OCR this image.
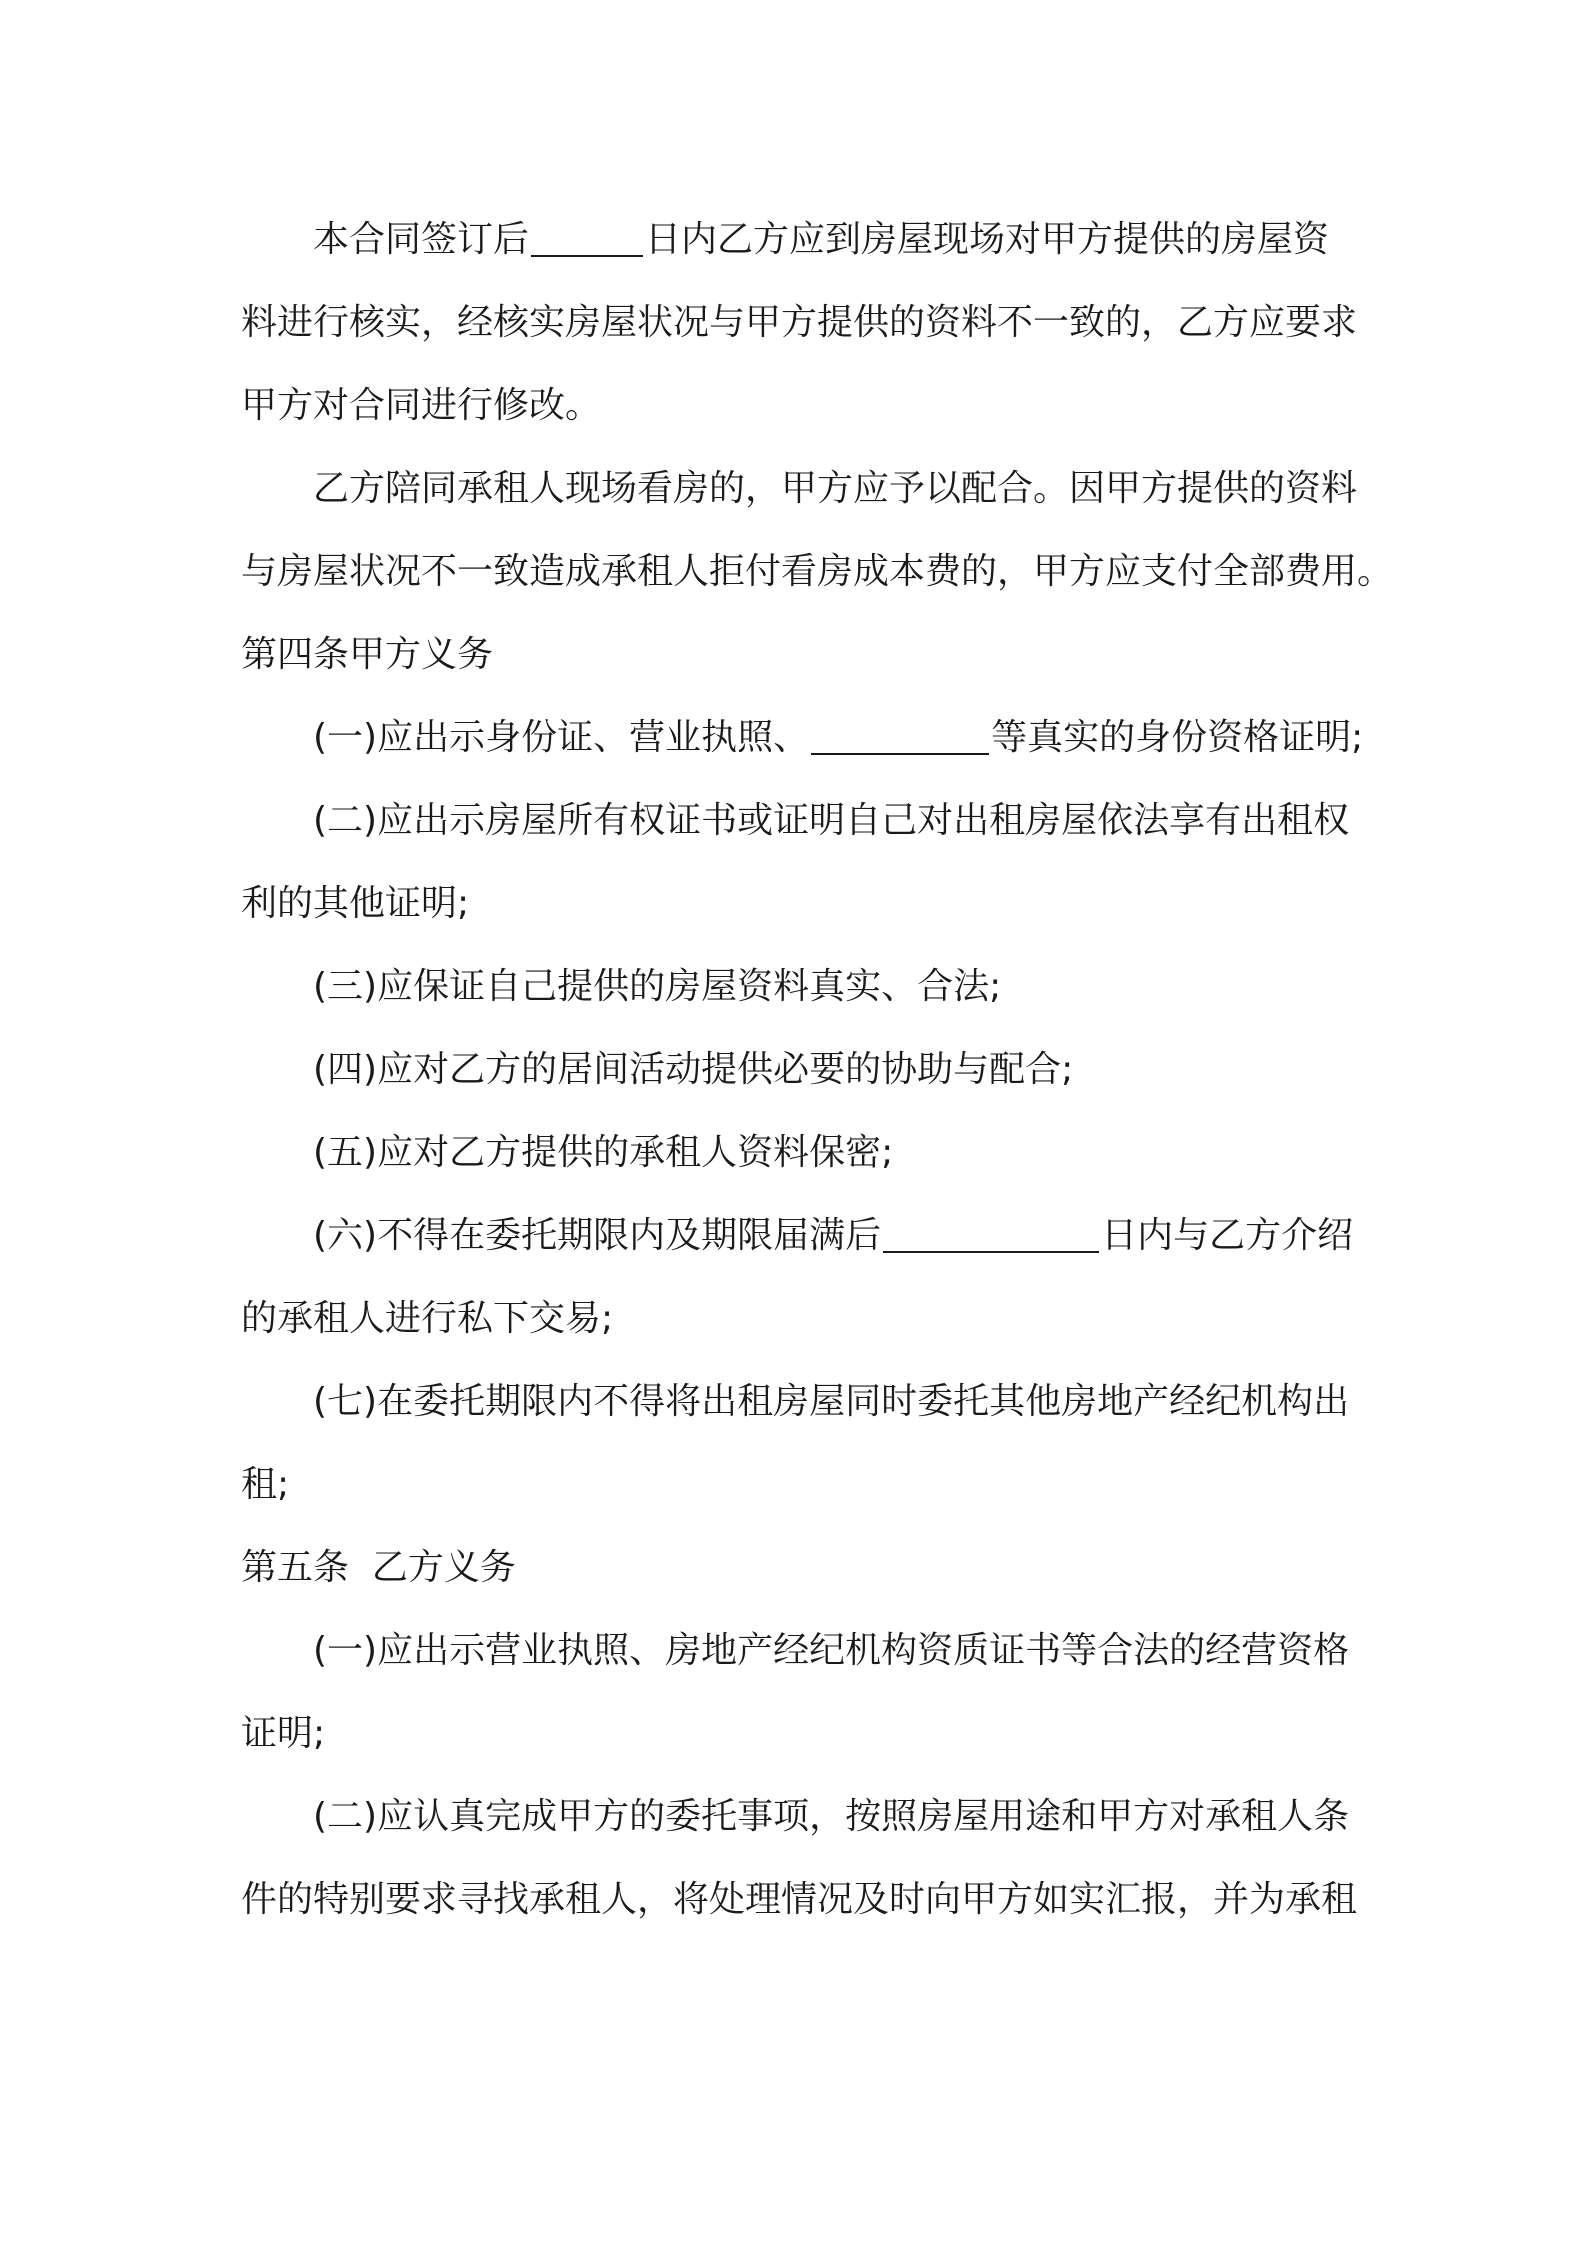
本合同签订后	日内乙方应到房屋现场对甲方提供的房屋资
料进行核实，经核实房屋状况与甲方提供的资料不一致的，乙方应要求
甲方对合同进行修改。
乙方陪同承租人现场看房的，甲方应予以配合。因甲方提供的资料
与房屋状况不一致造成承租人拒付看房成本费的，甲方应支付全部费用。
第四条甲方义务
(一)应出示身份证、营业执照、	等真实的身份资格证明;
(二)应出示房屋所有权证书或证明自己对出租房屋依法享有出租权
利的其他证明;
(三)应保证自己提供的房屋资料真实、合法;
(四)应对乙方的居间活动提供必要的协助与配合;
(五)应对乙方提供的承租人资料保密;
(六)不得在委托期限内及期限届满后	日内与乙方介绍
的承租人进行私下交易;
(七)在委托期限内不得将出租房屋同时委托其他房地产经纪机构出
租;
第五条  乙方义务
(一)应出示营业执照、房地产经纪机构资质证书等合法的经营资格
证明;
(二)应认真完成甲方的委托事项，按照房屋用途和甲方对承租人条
件的特别要求寻找承租人，将处理情况及时向甲方如实汇报，并为承租
